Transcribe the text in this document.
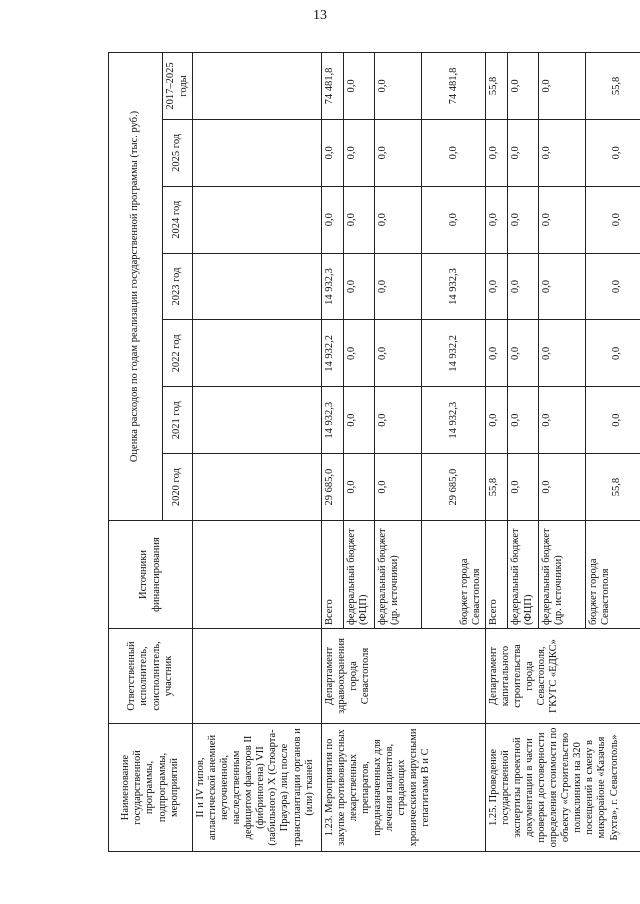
13
Наименование государственной программы, подпрограммы, мероприятий	Ответственный исполнитель, соисполнитель, участник	Источники финансирования	Оценка расходов по годам реализации государственной программы (тыс. руб.)						
			2020 год	2021 год	2022 год	2023 год	2024 год	2025 год	2017–2025 годы
II и IV типов, апластической анемией неуточненной, наследственным дефицитом факторов II (фибриногена) VII (лабильного) X (Стюарта-Прауэра) лиц после трансплантации органов и (или) тканей									
1.23. Мероприятия по закупке противовирусных лекарственных препаратов, предназначенных для лечения пациентов, страдающих хроническими вирусными гепатитами В и С	Департамент здравоохранения города Севастополя	Всего	29 685,0	14 932,3	14 932,2	14 932,3	0,0	0,0	74 481,8
		федеральный бюджет (ФЦП)	0,0	0,0	0,0	0,0	0,0	0,0	0,0
		федеральный бюджет (др. источники)	0,0	0,0	0,0	0,0	0,0	0,0	0,0
		бюджет города Севастополя	29 685,0	14 932,3	14 932,2	14 932,3	0,0	0,0	74 481,8
1.25. Проведение государственной экспертизы проектной документации в части проверки достоверности определения стоимости по объекту «Строительство поликлиники на 320 посещений в смену в микрорайоне «Казачья Бухта», г. Севастополь»	Департамент капитального строительства города Севастополя, ГКУГС «ЕДКС»	Всего	55,8	0,0	0,0	0,0	0,0	0,0	55,8
		федеральный бюджет (ФЦП)	0,0	0,0	0,0	0,0	0,0	0,0	0,0
		федеральный бюджет (др. источники)	0,0	0,0	0,0	0,0	0,0	0,0	0,0
		бюджет города Севастополя	55,8	0,0	0,0	0,0	0,0	0,0	55,8
